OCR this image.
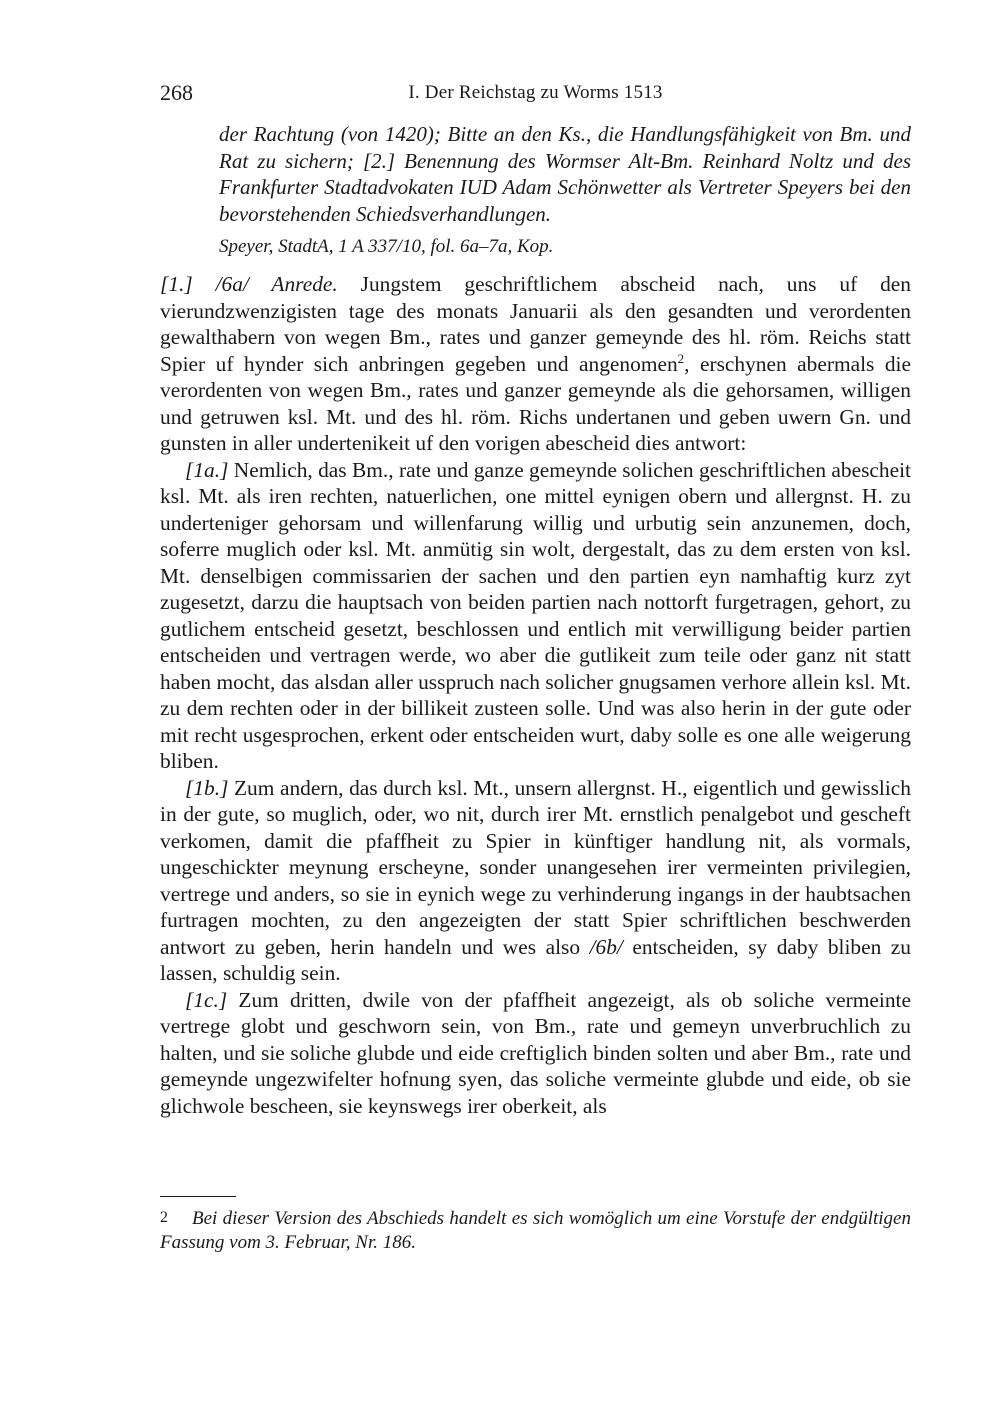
268	I. Der Reichstag zu Worms 1513
der Rachtung (von 1420); Bitte an den Ks., die Handlungsfähigkeit von Bm. und Rat zu sichern; [2.] Benennung des Wormser Alt-Bm. Reinhard Noltz und des Frankfurter Stadtadvokaten IUD Adam Schönwetter als Vertreter Speyers bei den bevorstehenden Schiedsverhandlungen.
Speyer, StadtA, 1 A 337/10, fol. 6a–7a, Kop.

[1.] /6a/ Anrede. Jungstem geschriftlichem abscheid nach, uns uf den vierundzwenzigisten tage des monats Januarii als den gesandten und verordenten gewalthabern von wegen Bm., rates und ganzer gemeynde des hl. röm. Reichs statt Spier uf hynder sich anbringen gegeben und angenomen$^2$, erschynen abermals die verordenten von wegen Bm., rates und ganzer gemeynde als die gehorsamen, willigen und getruwen ksl. Mt. und des hl. röm. Richs undertanen und geben uwern Gn. und gunsten in aller undertenikeit uf den vorigen abescheid dies antwort:

[1a.] Nemlich, das Bm., rate und ganze gemeynde solichen geschriftlichen abescheit ksl. Mt. als iren rechten, natuerlichen, one mittel eynigen obern und allergnst. H. zu underteniger gehorsam und willenfarung willig und urbutig sein anzunemen, doch, soferre muglich oder ksl. Mt. anmütig sin wolt, dergestalt, das zu dem ersten von ksl. Mt. denselbigen commissarien der sachen und den partien eyn namhaftig kurz zyt zugesetzt, darzu die hauptsach von beiden partien nach nottorft furgetragen, gehort, zu gutlichem entscheid gesetzt, beschlossen und entlich mit verwilligung beider partien entscheiden und vertragen werde, wo aber die gutlikeit zum teile oder ganz nit statt haben mocht, das alsdan aller usspruch nach solicher gnugsamen verhore allein ksl. Mt. zu dem rechten oder in der billikeit zusteen solle. Und was also herin in der gute oder mit recht usgesprochen, erkent oder entscheiden wurt, daby solle es one alle weigerung bliben.

[1b.] Zum andern, das durch ksl. Mt., unsern allergnst. H., eigentlich und gewisslich in der gute, so muglich, oder, wo nit, durch irer Mt. ernstlich penalgebot und gescheft verkomen, damit die pfaffheit zu Spier in künftiger handlung nit, als vormals, ungeschickter meynung erscheyne, sonder unangesehen irer vermeinten privilegien, vertrege und anders, so sie in eynich wege zu verhinderung ingangs in der haubtsachen furtragen mochten, zu den angezeigten der statt Spier schriftlichen beschwerden antwort zu geben, herin handeln und wes also /6b/ entscheiden, sy daby bliben zu lassen, schuldig sein.

[1c.] Zum dritten, dwile von der pfaffheit angezeigt, als ob soliche vermeinte vertrege globt und geschworn sein, von Bm., rate und gemeyn unverbruchlich zu halten, und sie soliche glubde und eide creftiglich binden solten und aber Bm., rate und gemeynde ungezwifelter hofnung syen, das soliche vermeinte glubde und eide, ob sie glichwole bescheen, sie keynswegs irer oberkeit, als

2 Bei dieser Version des Abschieds handelt es sich womöglich um eine Vorstufe der endgültigen Fassung vom 3. Februar, Nr. 186.
